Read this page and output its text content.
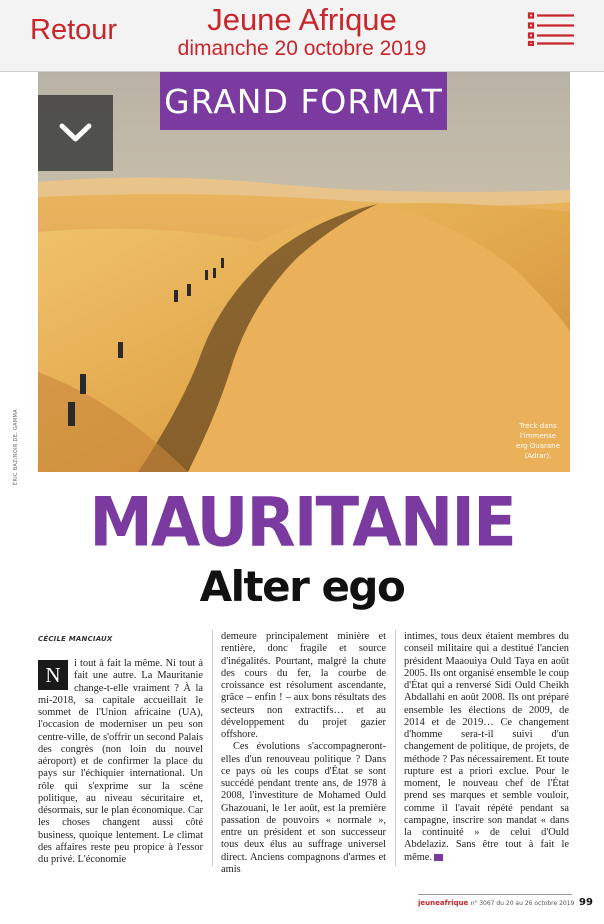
Retour	Jeune Afrique
dimanche 20 octobre 2019
ÉRIC BAZ/NOIR DE, GAMMA
GRAND FORMAT
Treck dans
l'immense
erg Ouarane
(Adrar).
MAURITANIE
Alter ego
CÉCILE MANCIAUX
N	i tout à fait la même. Ni tout à fait une autre. La Mauritanie change-t-elle vraiment ? À la mi-2018, sa capitale accueillait le sommet de l'Union africaine (UA), l'occasion de moderniser un peu son centre-ville, de s'offrir un second Palais des congrès (non loin du nouvel aéroport) et de confirmer la place du pays sur l'échiquier international. Un rôle qui s'exprime sur la scène politique, au niveau sécuritaire et, désormais, sur le plan économique. Car les choses changent aussi côté business, quoique lentement. Le climat des affaires reste peu propice à l'essor du privé. L'économie

demeure principalement minière et rentière, donc fragile et source d'inégalités. Pourtant, malgré la chute des cours du fer, la courbe de croissance est résolument ascendante, grâce – enfin ! – aux bons résultats des secteurs non extractifs… et au développement du projet gazier offshore.

Ces évolutions s'accompagneront-elles d'un renouveau politique ? Dans ce pays où les coups d'État se sont succédé pendant trente ans, de 1978 à 2008, l'investiture de Mohamed Ould Ghazouani, le 1er août, est la première passation de pouvoirs « normale », entre un président et son successeur tous deux élus au suffrage universel direct. Anciens compagnons d'armes et amis

intimes, tous deux étaient membres du conseil militaire qui a destitué l'ancien président Maaouiya Ould Taya en août 2005. Ils ont organisé ensemble le coup d'État qui a renversé Sidi Ould Cheikh Abdallahi en août 2008. Ils ont préparé ensemble les élections de 2009, de 2014 et de 2019… Ce changement d'homme sera-t-il suivi d'un changement de politique, de projets, de méthode ? Pas nécessairement. Et toute rupture est a priori exclue. Pour le moment, le nouveau chef de l'État prend ses marques et semble vouloir, comme il l'avait répété pendant sa campagne, inscrire son mandat « dans la continuité » de celui d'Ould Abdelaziz. Sans être tout à fait le même.
jeuneafrique n° 3067 du 20 au 26 octobre 2019 99
